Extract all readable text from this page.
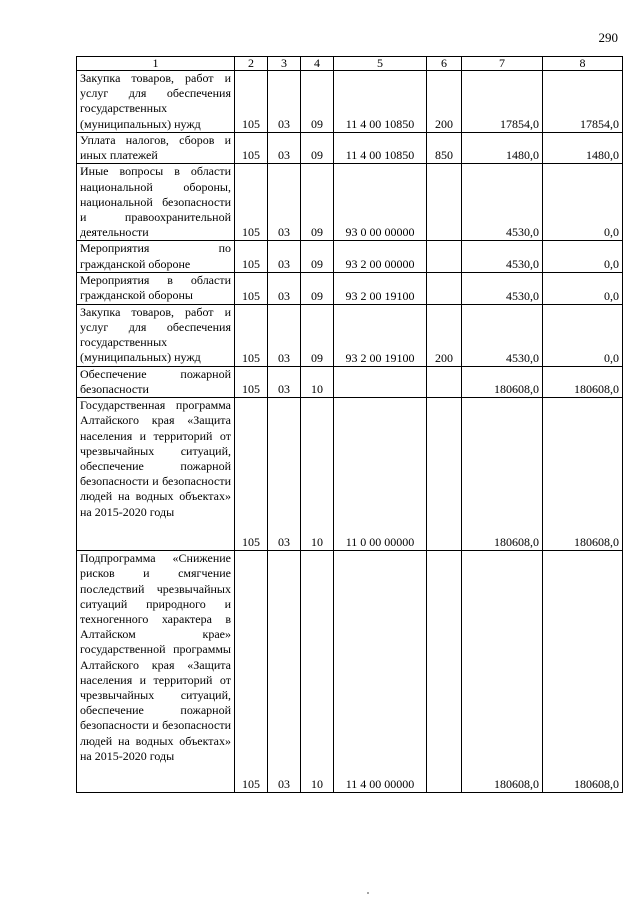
290
1	2	3	4	5	6	7	8
Закупка товаров, работ и услуг для обеспечения государственных (муниципальных) нужд	105	03	09	11 4 00 10850	200	17854,0	17854,0
Уплата налогов, сборов и иных платежей	105	03	09	11 4 00 10850	850	1480,0	1480,0
Иные вопросы в области национальной обороны, национальной безопасности и правоохранительной деятельности	105	03	09	93 0 00 00000		4530,0	0,0
Мероприятия по гражданской обороне	105	03	09	93 2 00 00000		4530,0	0,0
Мероприятия в области гражданской обороны	105	03	09	93 2 00 19100		4530,0	0,0
Закупка товаров, работ и услуг для обеспечения государственных (муниципальных) нужд	105	03	09	93 2 00 19100	200	4530,0	0,0
Обеспечение пожарной безопасности	105	03	10			180608,0	180608,0
Государственная программа Алтайского края «Защита населения и территорий от чрезвычайных ситуаций, обеспечение пожарной безопасности и безопасности людей на водных объектах» на 2015-2020 годы	105	03	10	11 0 00 00000		180608,0	180608,0
Подпрограмма «Снижение рисков и смягчение последствий чрезвычайных ситуаций природного и техногенного характера в Алтайском крае» государственной программы Алтайского края «Защита населения и территорий от чрезвычайных ситуаций, обеспечение пожарной безопасности и безопасности людей на водных объектах» на 2015-2020 годы	105	03	10	11 4 00 00000		180608,0	180608,0
